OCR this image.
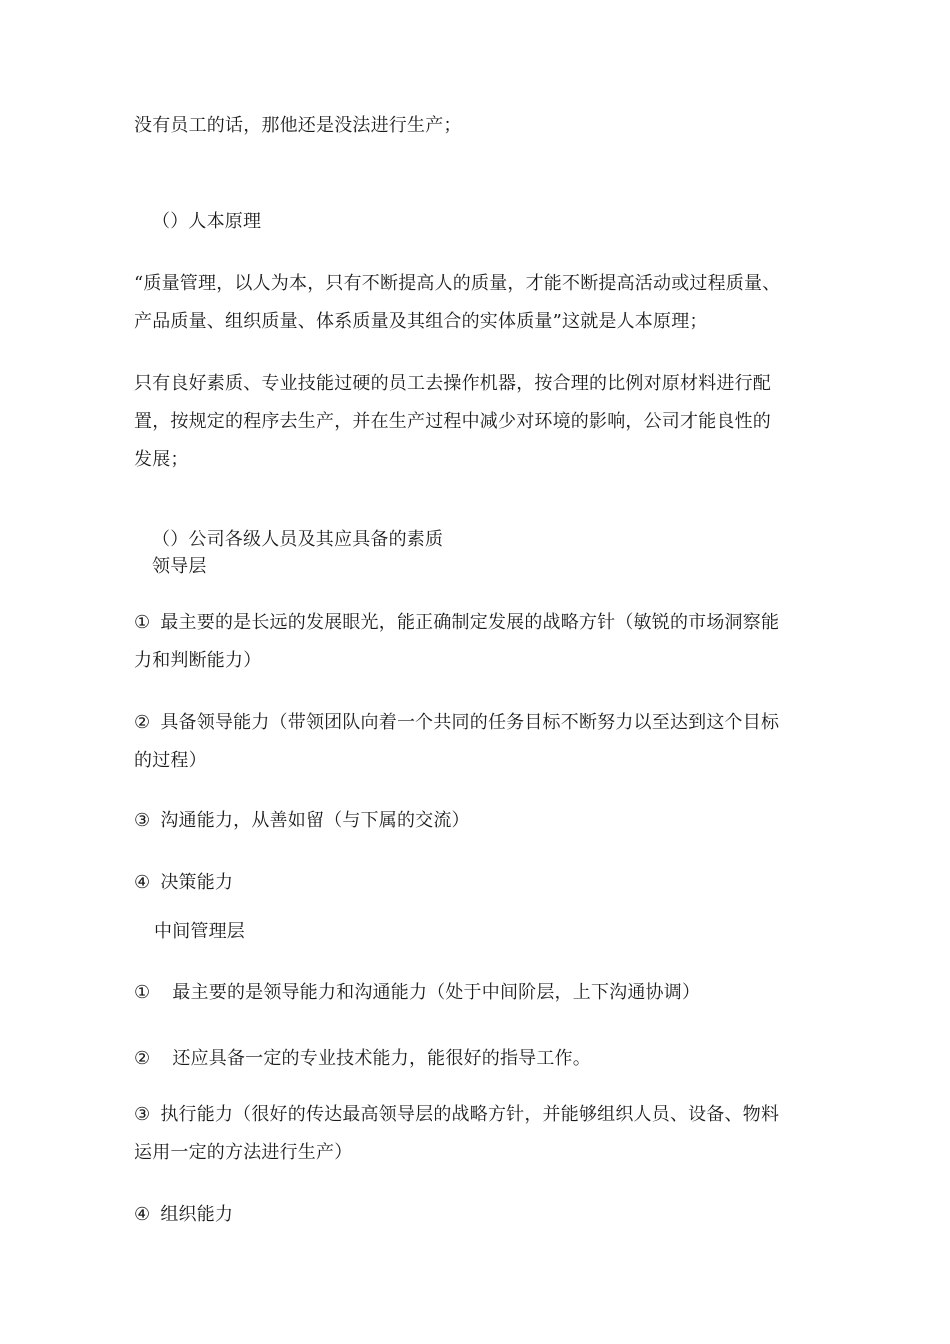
没有员工的话，那他还是没法进行生产；
（）人本原理
“质量管理，以人为本，只有不断提高人的质量，才能不断提高活动或过程质量、
产品质量、组织质量、体系质量及其组合的实体质量”这就是人本原理；
只有良好素质、专业技能过硬的员工去操作机器，按合理的比例对原材料进行配
置，按规定的程序去生产，并在生产过程中减少对环境的影响，公司才能良性的
发展；
（）公司各级人员及其应具备的素质
领导层
① 最主要的是长远的发展眼光，能正确制定发展的战略方针（敏锐的市场洞察能
力和判断能力）
② 具备领导能力（带领团队向着一个共同的任务目标不断努力以至达到这个目标
的过程）
③ 沟通能力，从善如留（与下属的交流）
④ 决策能力
中间管理层
① 最主要的是领导能力和沟通能力（处于中间阶层，上下沟通协调）
② 还应具备一定的专业技术能力，能很好的指导工作。
③ 执行能力（很好的传达最高领导层的战略方针，并能够组织人员、设备、物料
运用一定的方法进行生产）
④ 组织能力
